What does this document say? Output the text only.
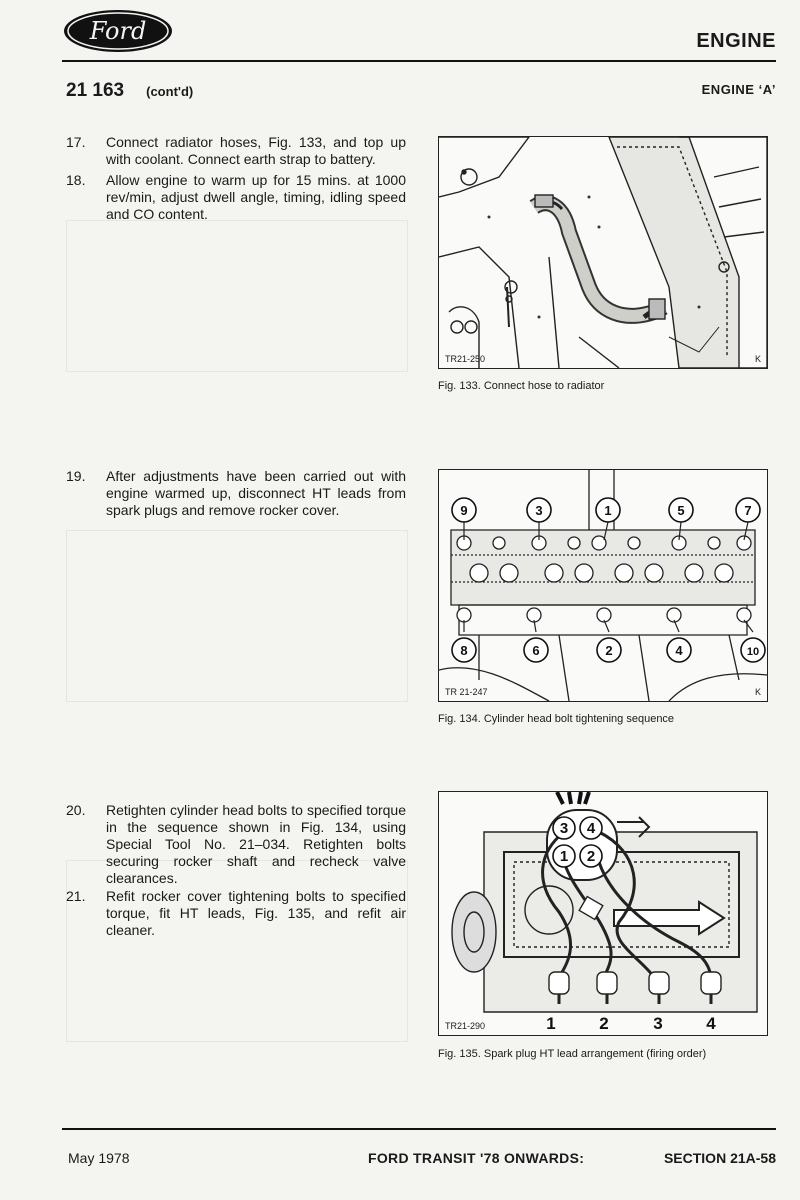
Ford	ENGINE
21 163 (cont'd)	ENGINE ‘A’
17.	Connect radiator hoses, Fig. 133, and top up with coolant. Connect earth strap to battery.
18.	Allow engine to warm up for 15 mins. at 1000 rev/min, adjust dwell angle, timing, idling speed and CO content.
19.	After adjustments have been carried out with engine warmed up, disconnect HT leads from spark plugs and remove rocker cover.
20.	Retighten cylinder head bolts to specified torque in the sequence shown in Fig. 134, using Special Tool No. 21–034. Retighten bolts securing rocker shaft and recheck valve clearances.
21.	Refit rocker cover tightening bolts to specified torque, fit HT leads, Fig. 135, and refit air cleaner.
TR21-250	K
Fig. 133. Connect hose to radiator
9	3	1	5	7
8	6	2	4	10
TR 21-247	K
Fig. 134. Cylinder head bolt tightening sequence
3 4
1 2
1	2	3	4
TR21-290
Fig. 135. Spark plug HT lead arrangement (firing order)
May 1978	FORD TRANSIT '78 ONWARDS:	SECTION 21A-58
